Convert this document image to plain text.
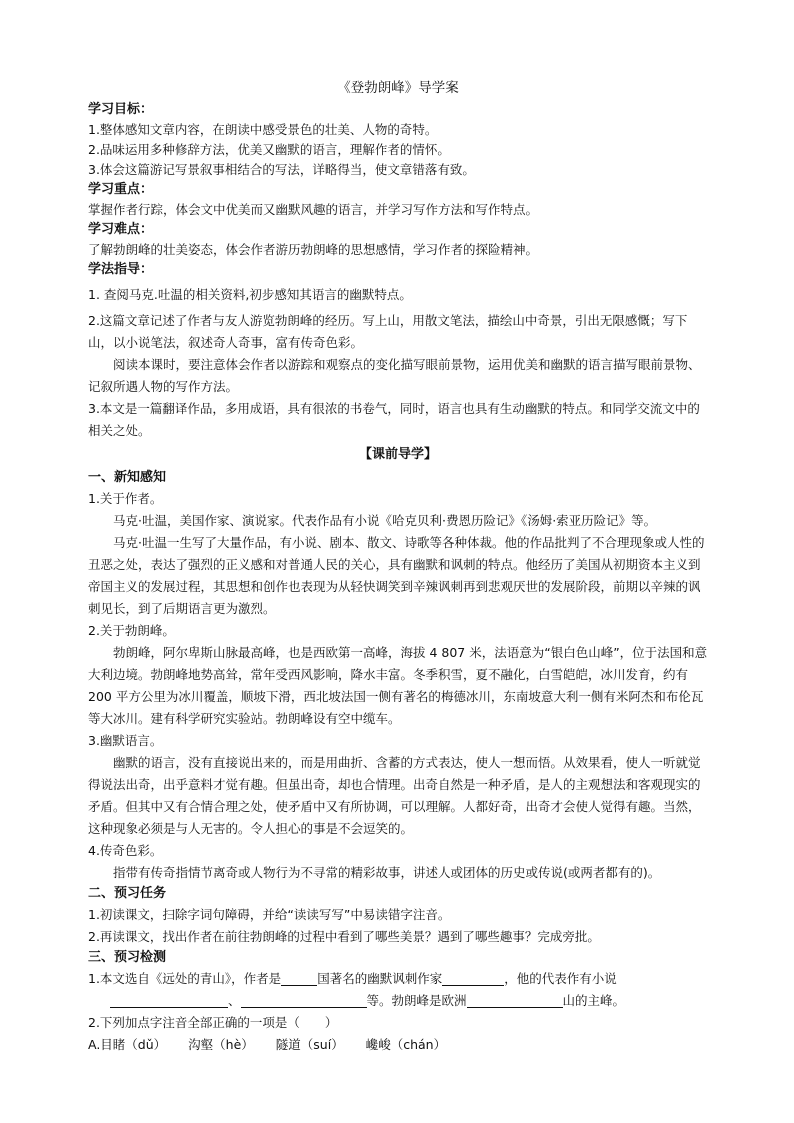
《登勃朗峰》导学案
学习目标：
1.整体感知文章内容，在朗读中感受景色的壮美、人物的奇特。
2.品味运用多种修辞方法，优美又幽默的语言，理解作者的情怀。
3.体会这篇游记写景叙事相结合的写法，详略得当，使文章错落有致。
学习重点：
掌握作者行踪，体会文中优美而又幽默风趣的语言，并学习写作方法和写作特点。
学习难点：
了解勃朗峰的壮美姿态，体会作者游历勃朗峰的思想感情，学习作者的探险精神。
学法指导：
1. 查阅马克.吐温的相关资料,初步感知其语言的幽默特点。
2.这篇文章记述了作者与友人游览勃朗峰的经历。写上山，用散文笔法，描绘山中奇景，引出无限感慨；写下山，以小说笔法，叙述奇人奇事，富有传奇色彩。
阅读本课时，要注意体会作者以游踪和观察点的变化描写眼前景物，运用优美和幽默的语言描写眼前景物、记叙所遇人物的写作方法。
3.本文是一篇翻译作品，多用成语，具有很浓的书卷气，同时，语言也具有生动幽默的特点。和同学交流文中的相关之处。
【课前导学】
一、新知感知
1.关于作者。
马克·吐温，美国作家、演说家。代表作品有小说《哈克贝利·费恩历险记》《汤姆·索亚历险记》等。
马克·吐温一生写了大量作品，有小说、剧本、散文、诗歌等各种体裁。他的作品批判了不合理现象或人性的丑恶之处，表达了强烈的正义感和对普通人民的关心，具有幽默和讽刺的特点。他经历了美国从初期资本主义到帝国主义的发展过程，其思想和创作也表现为从轻快调笑到辛辣讽刺再到悲观厌世的发展阶段，前期以辛辣的讽刺见长，到了后期语言更为激烈。
2.关于勃朗峰。
勃朗峰，阿尔卑斯山脉最高峰，也是西欧第一高峰，海拔 4 807 米，法语意为“银白色山峰”，位于法国和意大利边境。勃朗峰地势高耸，常年受西风影响，降水丰富。冬季积雪，夏不融化，白雪皑皑，冰川发育，约有 200 平方公里为冰川覆盖，顺坡下滑，西北坡法国一侧有著名的梅德冰川，东南坡意大利一侧有米阿杰和布伦瓦等大冰川。建有科学研究实验站。勃朗峰设有空中缆车。
3.幽默语言。
幽默的语言，没有直接说出来的，而是用曲折、含蓄的方式表达，使人一想而悟。从效果看，使人一听就觉得说法出奇，出乎意料才觉有趣。但虽出奇，却也合情理。出奇自然是一种矛盾，是人的主观想法和客观现实的矛盾。但其中又有合情合理之处，使矛盾中又有所协调，可以理解。人都好奇，出奇才会使人觉得有趣。当然，这种现象必须是与人无害的。令人担心的事是不会逗笑的。
4.传奇色彩。
指带有传奇指情节离奇或人物行为不寻常的精彩故事，讲述人或团体的历史或传说(或两者都有的)。
二、预习任务
1.初读课文，扫除字词句障碍，并给“读读写写”中易读错字注音。
2.再读课文，找出作者在前往勃朗峰的过程中看到了哪些美景？遇到了哪些趣事？完成旁批。
三、预习检测
1.本文选自《远处的青山》，作者是	国著名的幽默讽刺作家	，他的代表作有小说
、	等。勃朗峰是欧洲	山的主峰。
2.下列加点字注音全部正确的一项是（　　）
A.目睹（dǔ） 沟壑（hè） 隧道（suí） 巉峻（chán）
